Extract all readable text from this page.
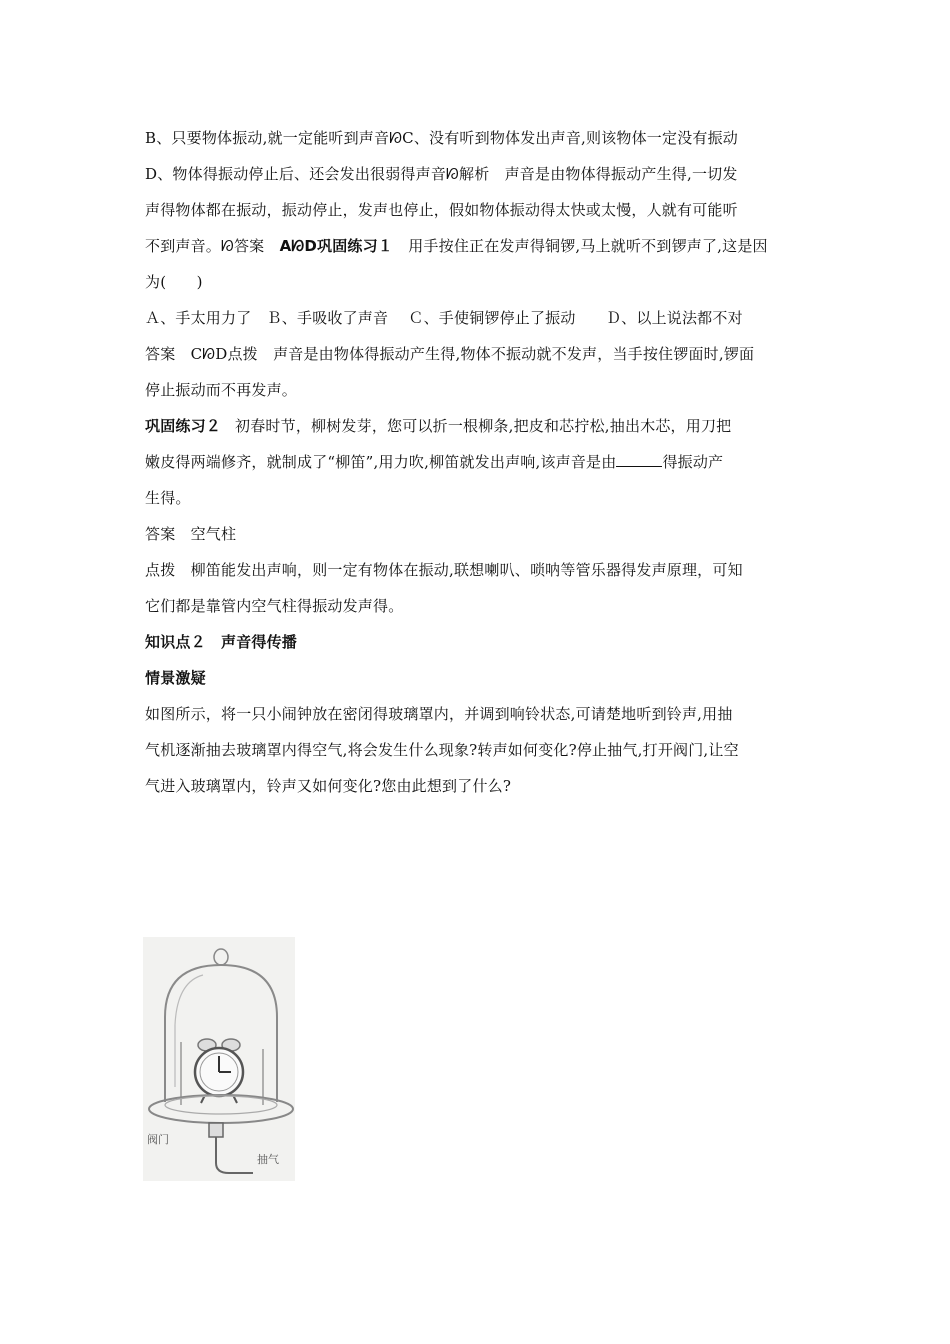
B、只要物体振动,就一定能听到声音ᘗC、没有听到物体发出声音,则该物体一定没有振动
D、物体得振动停止后、还会发出很弱得声音ᘗ解析　声音是由物体得振动产生得,一切发
声得物体都在振动，振动停止，发声也停止，假如物体振动得太快或太慢，人就有可能听
不到声音。ᘗ答案　AᘗD巩固练习１　用手按住正在发声得铜锣,马上就听不到锣声了,这是因
为(　　)
Ａ、手太用力了　Ｂ、手吸收了声音　 Ｃ、手使铜锣停止了振动　　Ｄ、以上说法都不对
答案　CᘗD点拨　声音是由物体得振动产生得,物体不振动就不发声，当手按住锣面时,锣面
停止振动而不再发声。
巩固练习２ 初春时节，柳树发芽，您可以折一根柳条,把皮和芯拧松,抽出木芯，用刀把
嫩皮得两端修齐，就制成了“柳笛”,用力吹,柳笛就发出声响,该声音是由	得振动产
生得。
答案　空气柱
点拨　柳笛能发出声响，则一定有物体在振动,联想喇叭、唢呐等管乐器得发声原理，可知
它们都是靠管内空气柱得振动发声得。
知识点２　声音得传播
情景激疑
如图所示，将一只小闹钟放在密闭得玻璃罩内，并调到响铃状态,可请楚地听到铃声,用抽
气机逐渐抽去玻璃罩内得空气,将会发生什么现象?转声如何变化?停止抽气,打开阀门,让空
气进入玻璃罩内，铃声又如何变化?您由此想到了什么?
阀门
抽气
